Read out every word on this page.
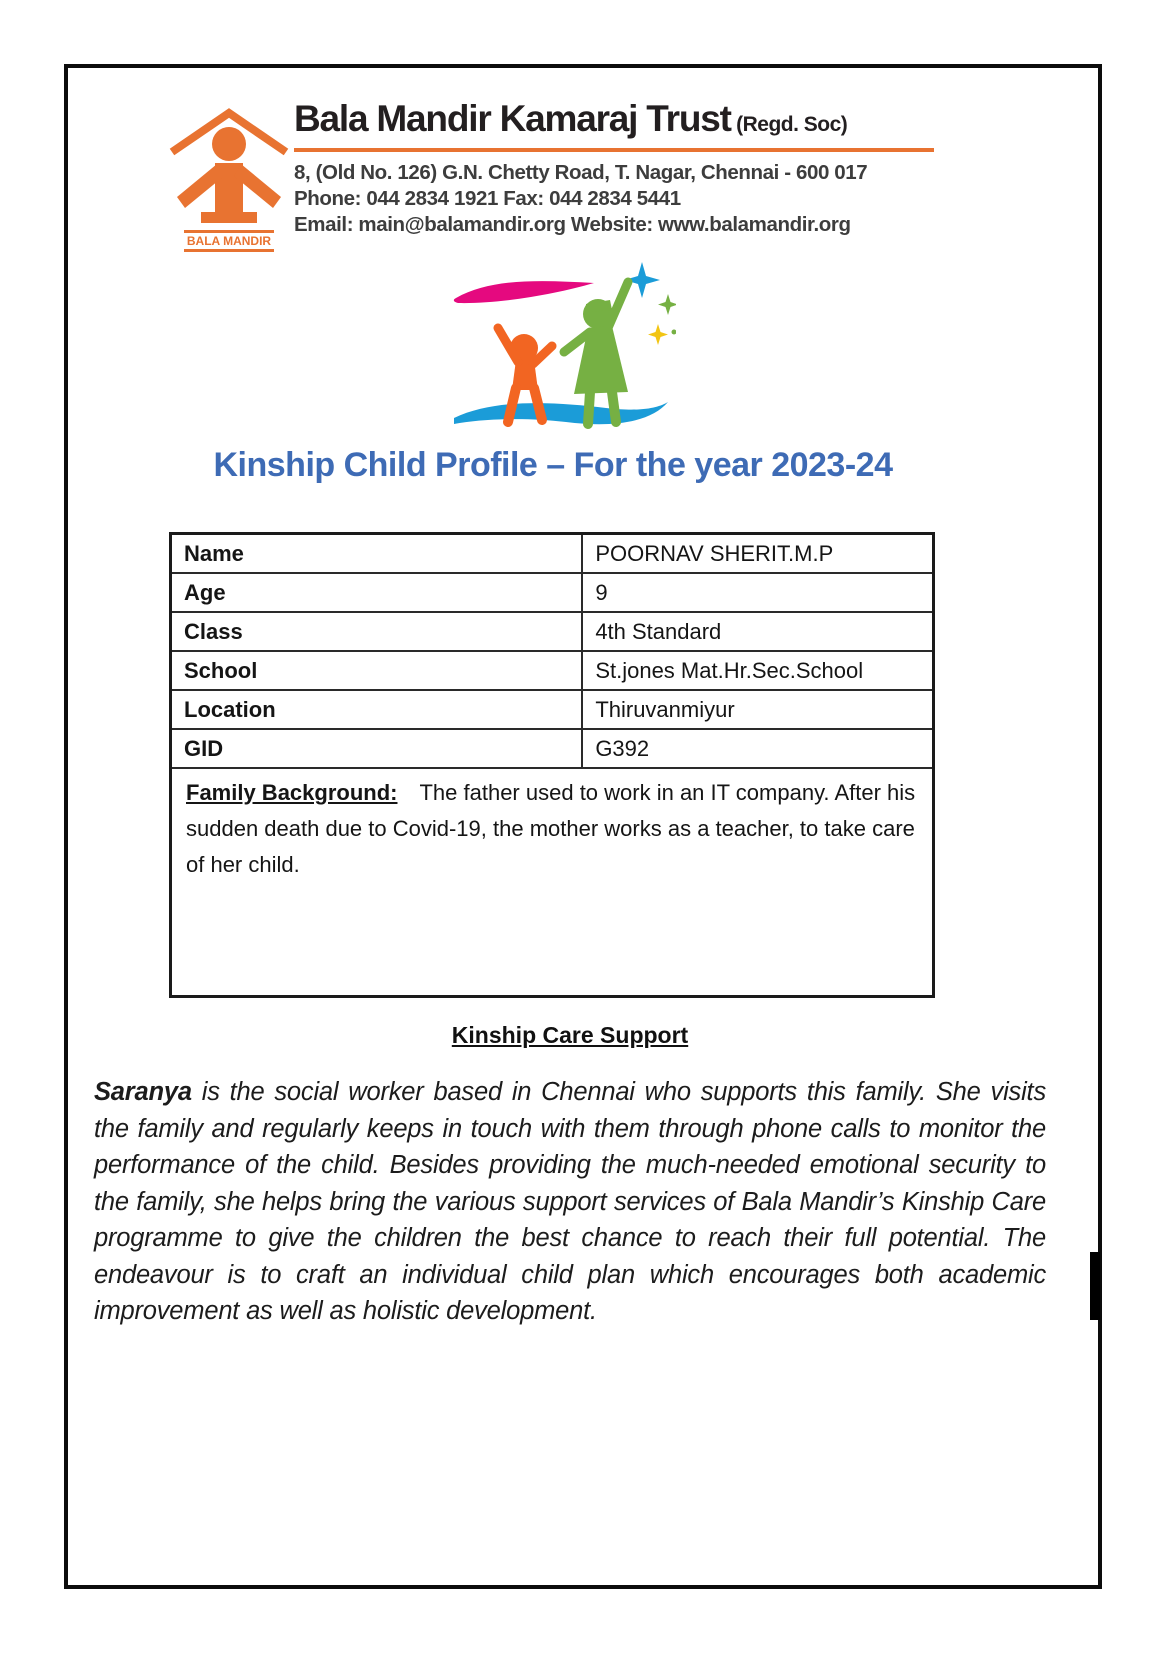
BALA MANDIR
Bala Mandir Kamaraj Trust (Regd. Soc)
8, (Old No. 126) G.N. Chetty Road, T. Nagar, Chennai - 600 017
Phone: 044 2834 1921 Fax: 044 2834 5441
Email: main@balamandir.org Website: www.balamandir.org
Kinship Child Profile – For the year 2023-24
Name	POORNAV SHERIT.M.P
Age	9
Class	4th Standard
School	St.jones Mat.Hr.Sec.School
Location	Thiruvanmiyur
GID	G392
Family Background: The father used to work in an IT company. After his sudden death due to Covid-19, the mother works as a teacher, to take care of her child.	
Kinship Care Support
Saranya is the social worker based in Chennai who supports this family. She visits the family and regularly keeps in touch with them through phone calls to monitor the performance of the child. Besides providing the much-needed emotional security to the family, she helps bring the various support services of Bala Mandir’s Kinship Care programme to give the children the best chance to reach their full potential. The endeavour is to craft an individual child plan which encourages both academic improvement as well as holistic development.
